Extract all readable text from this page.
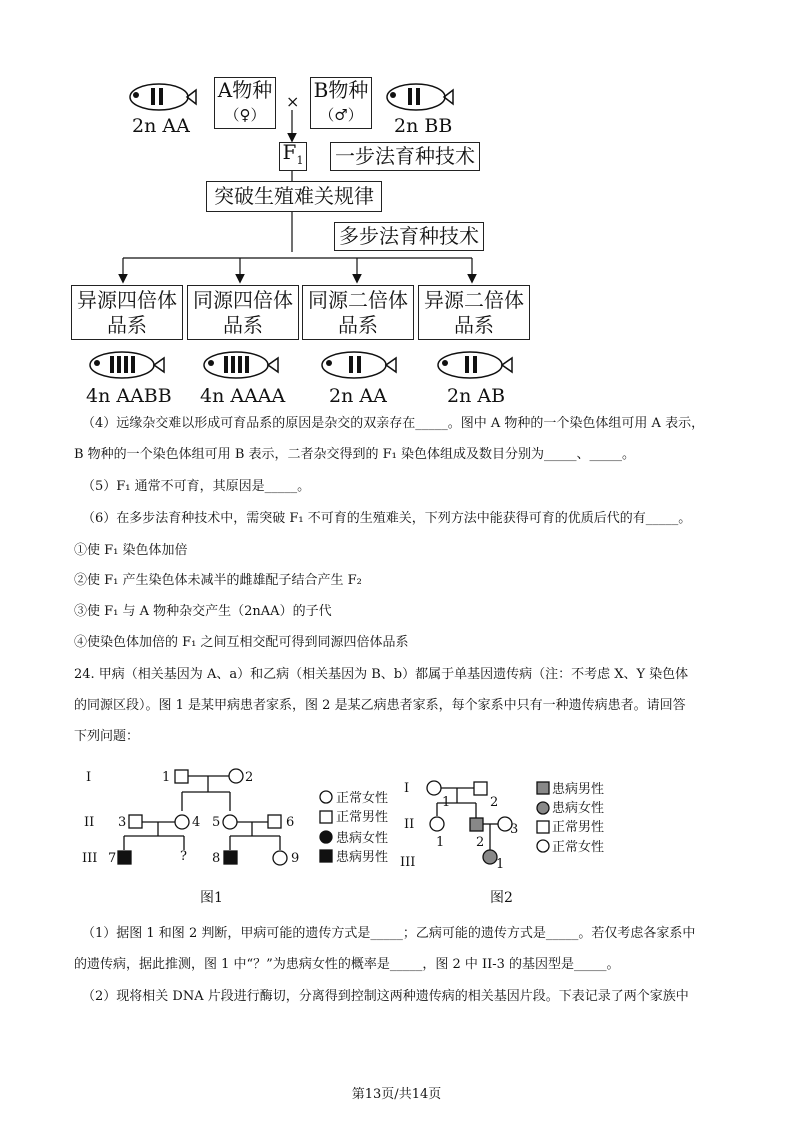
2n AA
A物种
（♀）
× B物种
（♂） 2n BB
$F_1$ 一步法育种技术
突破生殖难关规律
多步法育种技术
异源四倍体
品系
同源四倍体
品系
同源二倍体
品系
异源二倍体
品系
4n AABB 4n AAAA 2n AA	2n AB
（4）远缘杂交难以形成可育品系的原因是杂交的双亲存在_____。图中 A 物种的一个染色体组可用 A 表示，
B 物种的一个染色体组可用 B 表示，二者杂交得到的 F₁ 染色体组成及数目分别为_____、_____。
（5）F₁ 通常不可育，其原因是_____。
（6）在多步法育种技术中，需突破 F₁ 不可育的生殖难关，下列方法中能获得可育的优质后代的有_____。
①使 F₁ 染色体加倍
②使 F₁ 产生染色体未减半的雌雄配子结合产生 F₂
③使 F₁ 与 A 物种杂交产生（2nAA）的子代
④使染色体加倍的 F₁ 之间互相交配可得到同源四倍体品系
24. 甲病（相关基因为 A、a）和乙病（相关基因为 B、b）都属于单基因遗传病（注：不考虑 X、Y 染色体
的同源区段）。图 1 是某甲病患者家系，图 2 是某乙病患者家系，每个家系中只有一种遗传病患者。请回答
下列问题：
I
II
III
1	2
3	4 5	6
7	? 8	9
正常女性
正常男性
患病女性
患病男性
图1
I
II
III
1	2
1 2
3
1
患病男性
患病女性
正常男性
正常女性
图2
（1）据图 1 和图 2 判断，甲病可能的遗传方式是_____；乙病可能的遗传方式是_____。若仅考虑各家系中
的遗传病，据此推测，图 1 中“？”为患病女性的概率是_____，图 2 中 II-3 的基因型是_____。
（2）现将相关 DNA 片段进行酶切，分离得到控制这两种遗传病的相关基因片段。下表记录了两个家族中
第13页/共14页
